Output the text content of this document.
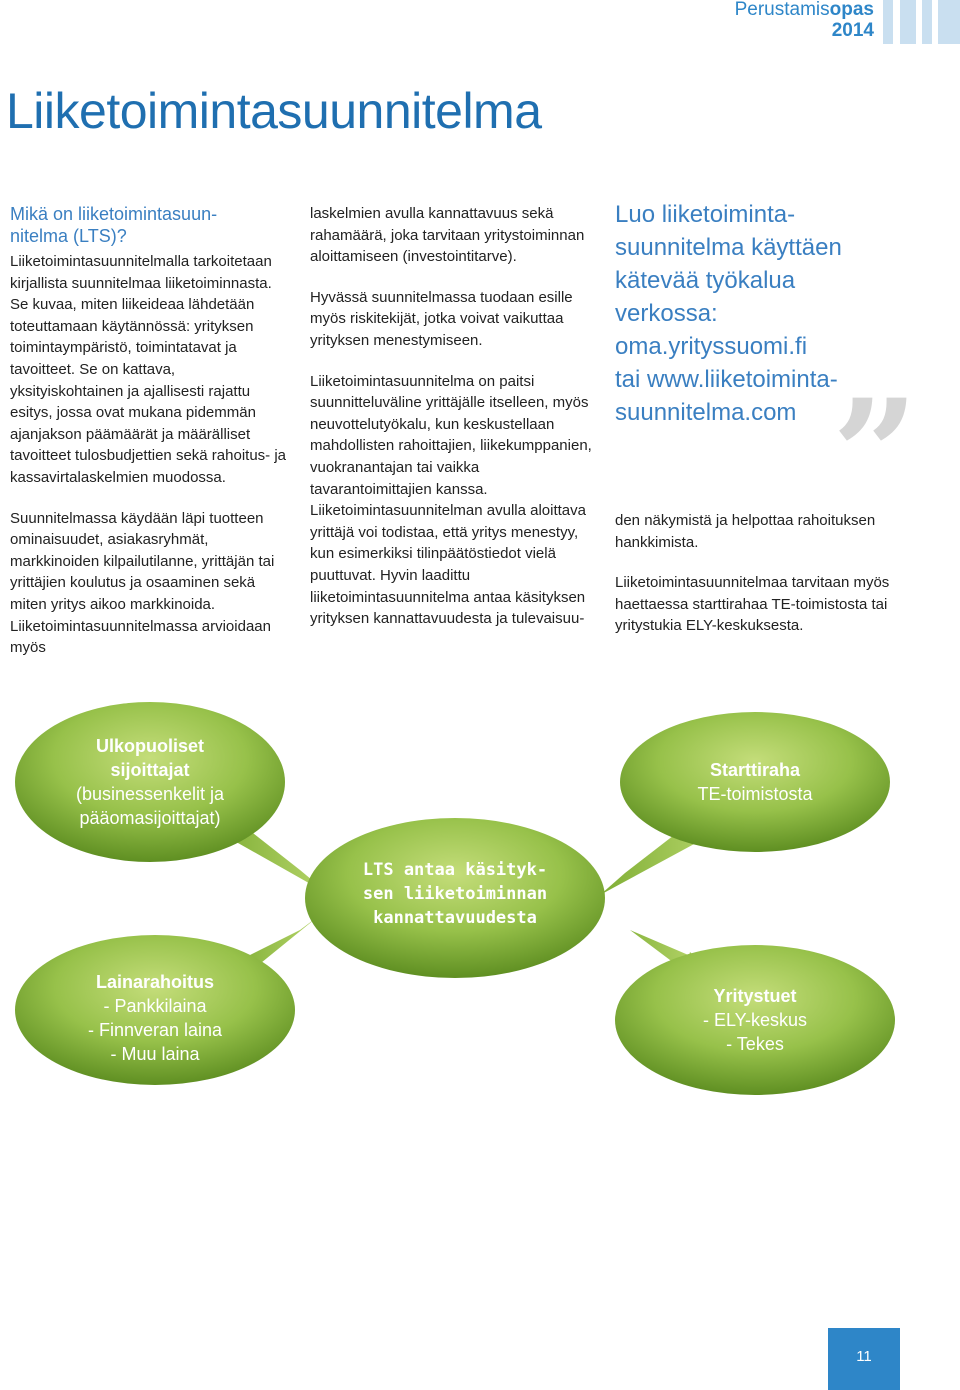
Perustamisopas
2014
Liiketoimintasuunnitelma
Mikä on liiketoimintasuun-
nitelma (LTS)?

Liiketoimintasuunnitelmalla tarkoitetaan kirjallista suunnitelmaa liiketoiminnasta. Se kuvaa, miten liikeideaa lähdetään toteuttamaan käytännössä: yrityksen toimintaympäristö, toimintatavat ja tavoitteet. Se on kattava, yksityiskohtainen ja ajallisesti rajattu esitys, jossa ovat mukana pidemmän ajanjakson päämäärät ja määrälliset tavoitteet tulosbudjettien sekä rahoitus- ja kassavirtalaskelmien muodossa.

Suunnitelmassa käydään läpi tuotteen ominaisuudet, asiakasryhmät, markkinoiden kilpailutilanne, yrittäjän tai yrittäjien koulutus ja osaaminen sekä miten yritys aikoo markkinoida. Liiketoimintasuunnitelmassa arvioidaan myös

laskelmien avulla kannattavuus sekä rahamäärä, joka tarvitaan yritystoiminnan aloittamiseen (investointitarve).

Hyvässä suunnitelmassa tuodaan esille myös riskitekijät, jotka voivat vaikuttaa yrityksen menestymiseen.

Liiketoimintasuunnitelma on paitsi suunnitteluväline yrittäjälle itselleen, myös neuvottelutyökalu, kun keskustellaan mahdollisten rahoittajien, liikekumppanien, vuokranantajan tai vaikka tavarantoimittajien kanssa. Liiketoimintasuunnitelman avulla aloittava yrittäjä voi todistaa, että yritys menestyy, kun esimerkiksi tilinpäätöstiedot vielä puuttuvat. Hyvin laadittu liiketoimintasuunnitelma antaa käsityksen yrityksen kannattavuudesta ja tulevaisuu-

Luo liiketoiminta-
suunnitelma käyttäen
kätevää työkalua
verkossa:
oma.yrityssuomi.fi
tai www.liiketoiminta-
suunnitelma.com ”

den näkymistä ja helpottaa rahoituksen hankkimista.

Liiketoimintasuunnitelmaa tarvitaan myös haettaessa starttirahaa TE-toimistosta tai yritystukia ELY-keskuksesta.

Ulkopuoliset
sijoittajat
(businessenkelit ja
pääomasijoittajat)
Starttiraha
TE-toimistosta
LTS antaa käsityk-
sen liiketoiminnan
kannattavuudesta
Lainarahoitus
- Pankkilaina
- Finnveran laina
- Muu laina
Yritystuet
- ELY-keskus
- Tekes
11
